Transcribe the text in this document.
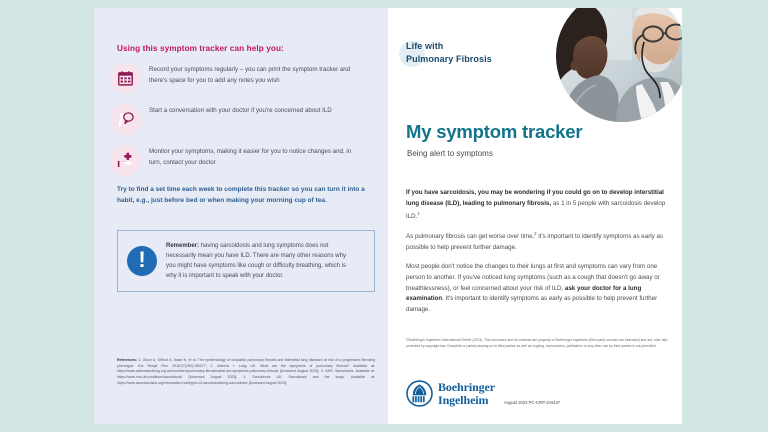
Using this symptom tracker can help you:
Record your symptoms regularly – you can print the symptom tracker and there's space for you to add any notes you wish
Start a conversation with your doctor if you're concerned about ILD
Monitor your symptoms, making it easier for you to notice changes and, in turn, contact your doctor
Try to find a set time each week to complete this tracker so you can turn it into a habit, e.g., just before bed or when making your morning cup of tea.
!

Remember: having sarcoidosis and lung symptoms does not necessarily mean you have ILD. There are many other reasons why you might have symptoms like cough or difficulty breathing, which is why it is important to speak with your doctor.

References: 1. Olson A, Gifford A, Inase N, et al. The epidemiology of idiopathic pulmonary fibrosis and interstitial lung diseases at risk of a progressive-fibrosing phenotype. Eur Respir Rev. 2018;27(150):180077; 2. Asthma + Lung UK. What are the symptoms of pulmonary fibrosis? Available at: https://www.asthmaandlung.org.uk/conditions/pulmonary-fibrosis/what-are-symptoms-pulmonary-fibrosis [Accessed August 2023]; 3. NHS. Sarcoidosis. Available at: https://www.nhs.uk/conditions/sarcoidosis/ [Accessed August 2023]; 4. Sarcoidosis UK. Sarcoidosis and the lungs. Available at: https://www.sarcoidosisuk.org/information-hub/types-of-sarcoidosis/lung-sarcoidosis/ [Accessed August 2023].

Life with
Pulmonary Fibrosis
My symptom tracker
Being alert to symptoms

If you have sarcoidosis, you may be wondering if you could go on to develop interstitial lung disease (ILD), leading to pulmonary fibrosis, as 1 in 5 people with sarcoidosis develop ILD.$^1$

As pulmonary fibrosis can get worse over time,$^2$ it's important to identify symptoms as early as possible to help prevent further damage.

Most people don't notice the changes to their lungs at first and symptoms can vary from one person to another. If you've noticed lung symptoms (such as a cough that doesn't go away or breathlessness), or feel concerned about your risk of ILD, ask your doctor for a lung examination. It's important to identify symptoms as early as possible to help prevent further damage.

©Boehringer Ingelheim International GmbH (2023). This document and its contents are property of Boehringer Ingelheim (third party sources are indicated) and are, inter alia, protected by copyright law. Complete or partial passing on to third parties as well as copying, reproduction, publication or any other use by third parties is not permitted.

Boehringer
Ingelheim	August 2023 PC-CRP-104437
